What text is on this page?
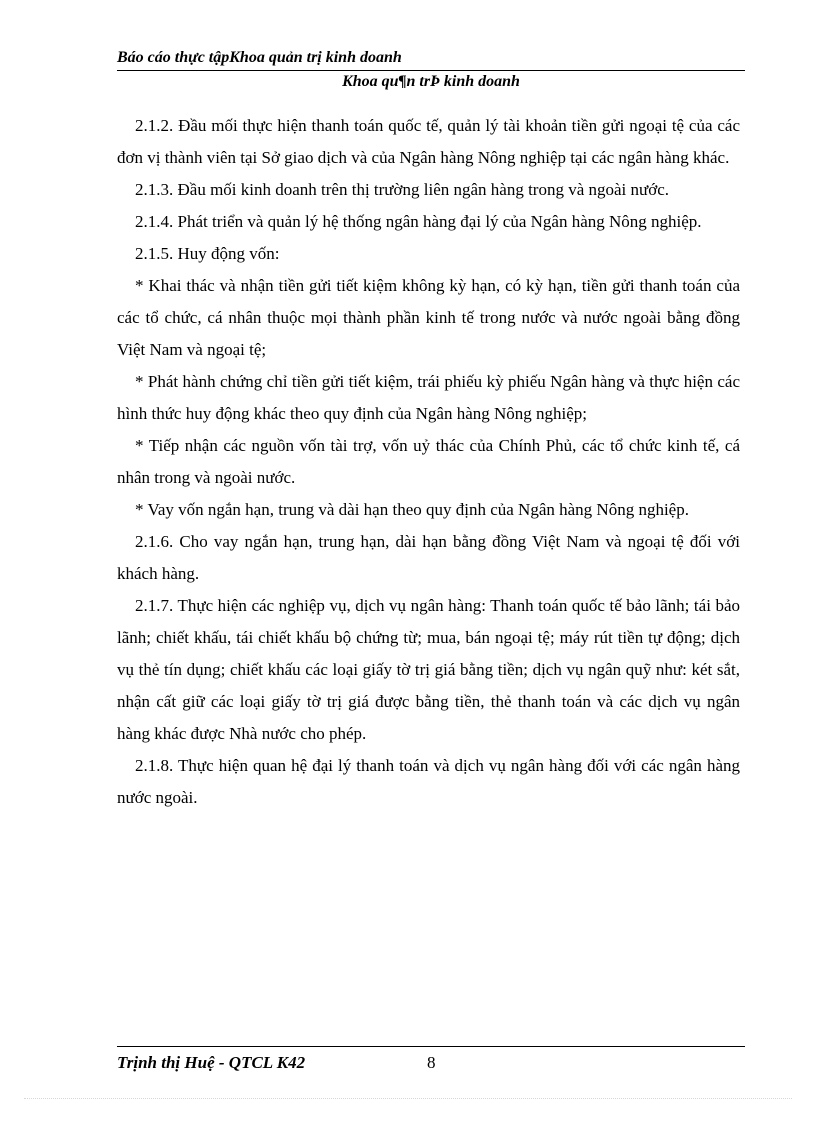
Báo cáo thực tậpKhoa quản trị kinh doanh
Khoa qu¶n trÞ kinh doanh

2.1.2. Đầu mối thực hiện thanh toán quốc tế, quản lý tài khoản tiền gửi ngoại tệ của các đơn vị thành viên tại Sở giao dịch và của Ngân hàng Nông nghiệp tại các ngân hàng khác.

2.1.3. Đầu mối kinh doanh trên thị trường liên ngân hàng trong và ngoài nước.

2.1.4. Phát triển và quản lý hệ thống ngân hàng đại lý của Ngân hàng Nông nghiệp.

2.1.5. Huy động vốn:

* Khai thác và nhận tiền gửi tiết kiệm không kỳ hạn, có kỳ hạn, tiền gửi thanh toán của các tổ chức, cá nhân thuộc mọi thành phần kinh tế trong nước và nước ngoài bằng đồng Việt Nam và ngoại tệ;

* Phát hành chứng chỉ tiền gửi tiết kiệm, trái phiếu kỳ phiếu Ngân hàng và thực hiện các hình thức huy động khác theo quy định của Ngân hàng Nông nghiệp;

* Tiếp nhận các nguồn vốn tài trợ, vốn uỷ thác của Chính Phủ, các tổ chức kinh tế, cá nhân trong và ngoài nước.

* Vay vốn ngắn hạn, trung và dài hạn theo quy định của Ngân hàng Nông nghiệp.

2.1.6. Cho vay ngắn hạn, trung hạn, dài hạn bằng đồng Việt Nam và ngoại tệ đối với khách hàng.

2.1.7. Thực hiện các nghiệp vụ, dịch vụ ngân hàng: Thanh toán quốc tế bảo lãnh; tái bảo lãnh; chiết khấu, tái chiết khấu bộ chứng từ; mua, bán ngoại tệ; máy rút tiền tự động; dịch vụ thẻ tín dụng; chiết khấu các loại giấy tờ trị giá bằng tiền; dịch vụ ngân quỹ như: két sắt, nhận cất giữ các loại giấy tờ trị giá được bằng tiền, thẻ thanh toán và các dịch vụ ngân hàng khác được Nhà nước cho phép.

2.1.8. Thực hiện quan hệ đại lý thanh toán và dịch vụ ngân hàng đối với các ngân hàng nước ngoài.

Trịnh thị Huệ - QTCL K42	8
